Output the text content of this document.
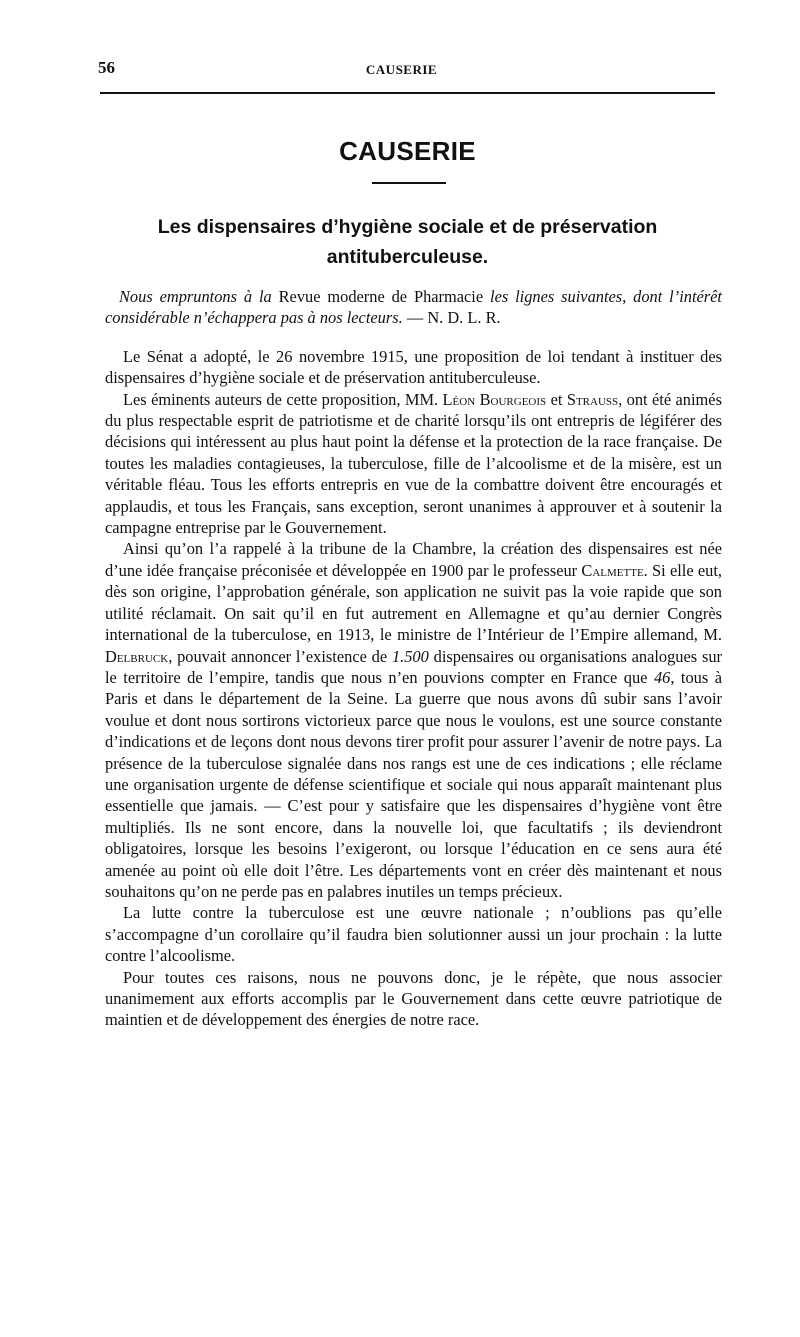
56	CAUSERIE
CAUSERIE
Les dispensaires d’hygiène sociale et de préservation
antituberculeuse.

Nous empruntons à la Revue moderne de Pharmacie les lignes suivantes, dont l’intérêt considérable n’échappera pas à nos lecteurs. — N. D. L. R.

Le Sénat a adopté, le 26 novembre 1915, une proposition de loi tendant à instituer des dispensaires d’hygiène sociale et de préservation antituberculeuse.

Les éminents auteurs de cette proposition, MM. Léon Bourgeois et Strauss, ont été animés du plus respectable esprit de patriotisme et de charité lorsqu’ils ont entrepris de légiférer des décisions qui intéressent au plus haut point la défense et la protection de la race française. De toutes les maladies contagieuses, la tuberculose, fille de l’alcoolisme et de la misère, est un véritable fléau. Tous les efforts entrepris en vue de la combattre doivent être encouragés et applaudis, et tous les Français, sans exception, seront unanimes à approuver et à soutenir la campagne entreprise par le Gouvernement.

Ainsi qu’on l’a rappelé à la tribune de la Chambre, la création des dispensaires est née d’une idée française préconisée et développée en 1900 par le professeur Calmette. Si elle eut, dès son origine, l’approbation générale, son application ne suivit pas la voie rapide que son utilité réclamait. On sait qu’il en fut autrement en Allemagne et qu’au dernier Congrès international de la tuberculose, en 1913, le ministre de l’Intérieur de l’Empire allemand, M. Delbruck, pouvait annoncer l’existence de 1.500 dispensaires ou organisations analogues sur le territoire de l’empire, tandis que nous n’en pouvions compter en France que 46, tous à Paris et dans le département de la Seine. La guerre que nous avons dû subir sans l’avoir voulue et dont nous sortirons victorieux parce que nous le voulons, est une source constante d’indications et de leçons dont nous devons tirer profit pour assurer l’avenir de notre pays. La présence de la tuberculose signalée dans nos rangs est une de ces indications ; elle réclame une organisation urgente de défense scientifique et sociale qui nous apparaît maintenant plus essentielle que jamais. — C’est pour y satisfaire que les dispensaires d’hygiène vont être multipliés. Ils ne sont encore, dans la nouvelle loi, que facultatifs ; ils deviendront obligatoires, lorsque les besoins l’exigeront, ou lorsque l’éducation en ce sens aura été amenée au point où elle doit l’être. Les départements vont en créer dès maintenant et nous souhaitons qu’on ne perde pas en palabres inutiles un temps précieux.

La lutte contre la tuberculose est une œuvre nationale ; n’oublions pas qu’elle s’accompagne d’un corollaire qu’il faudra bien solutionner aussi un jour prochain : la lutte contre l’alcoolisme.

Pour toutes ces raisons, nous ne pouvons donc, je le répète, que nous associer unanimement aux efforts accomplis par le Gouvernement dans cette œuvre patriotique de maintien et de développement des énergies de notre race.
